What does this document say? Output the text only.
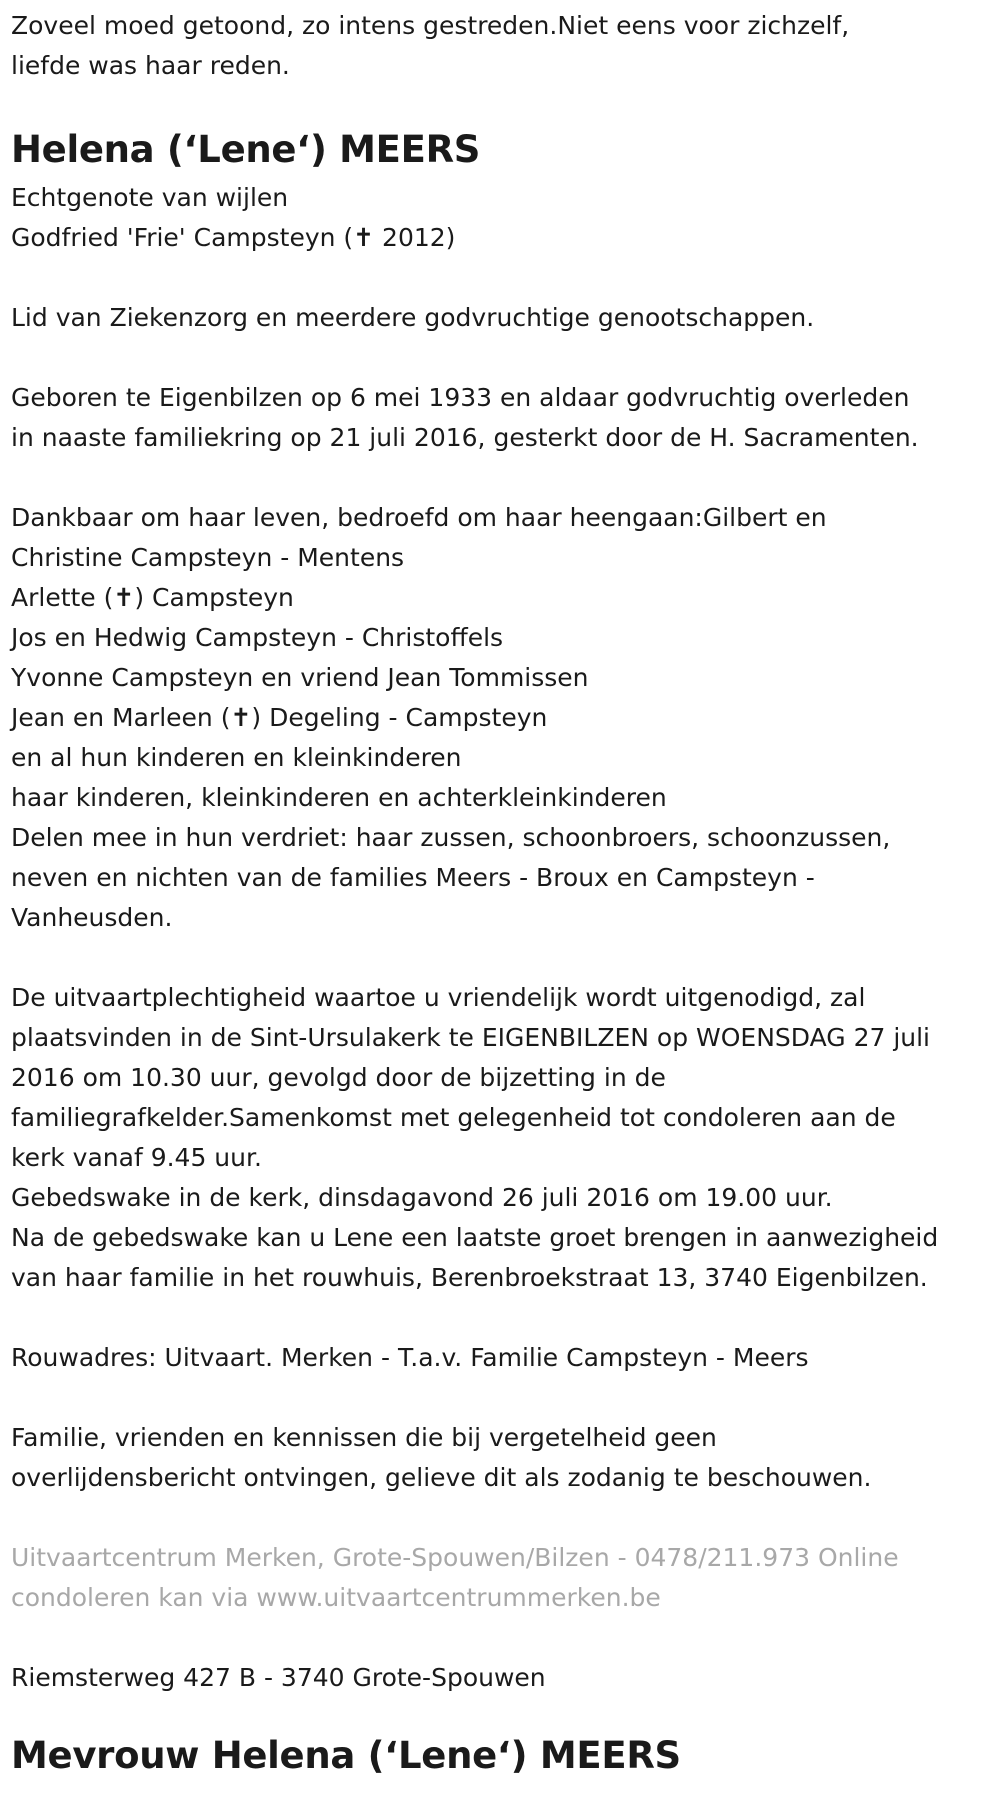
Zoveel moed getoond, zo intens gestreden.Niet eens voor zichzelf,

liefde was haar reden.

Helena (‘Lene‘) MEERS

Echtgenote van wijlen

Godfried 'Frie' Campsteyn (✝ 2012)

Lid van Ziekenzorg en meerdere godvruchtige genootschappen.

Geboren te Eigenbilzen op 6 mei 1933 en aldaar godvruchtig overleden

in naaste familiekring op 21 juli 2016, gesterkt door de H. Sacramenten.

Dankbaar om haar leven, bedroefd om haar heengaan:Gilbert en

Christine Campsteyn - Mentens

Arlette (✝) Campsteyn

Jos en Hedwig Campsteyn - Christoffels

Yvonne Campsteyn en vriend Jean Tommissen

Jean en Marleen (✝) Degeling - Campsteyn

en al hun kinderen en kleinkinderen

haar kinderen, kleinkinderen en achterkleinkinderen

Delen mee in hun verdriet: haar zussen, schoonbroers, schoonzussen,

neven en nichten van de families Meers - Broux en Campsteyn -

Vanheusden.

De uitvaartplechtigheid waartoe u vriendelijk wordt uitgenodigd, zal

plaatsvinden in de Sint-Ursulakerk te EIGENBILZEN op WOENSDAG 27 juli

2016 om 10.30 uur, gevolgd door de bijzetting in de

familiegrafkelder.Samenkomst met gelegenheid tot condoleren aan de

kerk vanaf 9.45 uur.

Gebedswake in de kerk, dinsdagavond 26 juli 2016 om 19.00 uur.

Na de gebedswake kan u Lene een laatste groet brengen in aanwezigheid

van haar familie in het rouwhuis, Berenbroekstraat 13, 3740 Eigenbilzen.

Rouwadres: Uitvaart. Merken - T.a.v. Familie Campsteyn - Meers

Familie, vrienden en kennissen die bij vergetelheid geen

overlijdensbericht ontvingen, gelieve dit als zodanig te beschouwen.

Uitvaartcentrum Merken, Grote-Spouwen/Bilzen - 0478/211.973 Online

condoleren kan via www.uitvaartcentrummerken.be

Riemsterweg 427 B - 3740 Grote-Spouwen

Mevrouw Helena (‘Lene‘) MEERS
